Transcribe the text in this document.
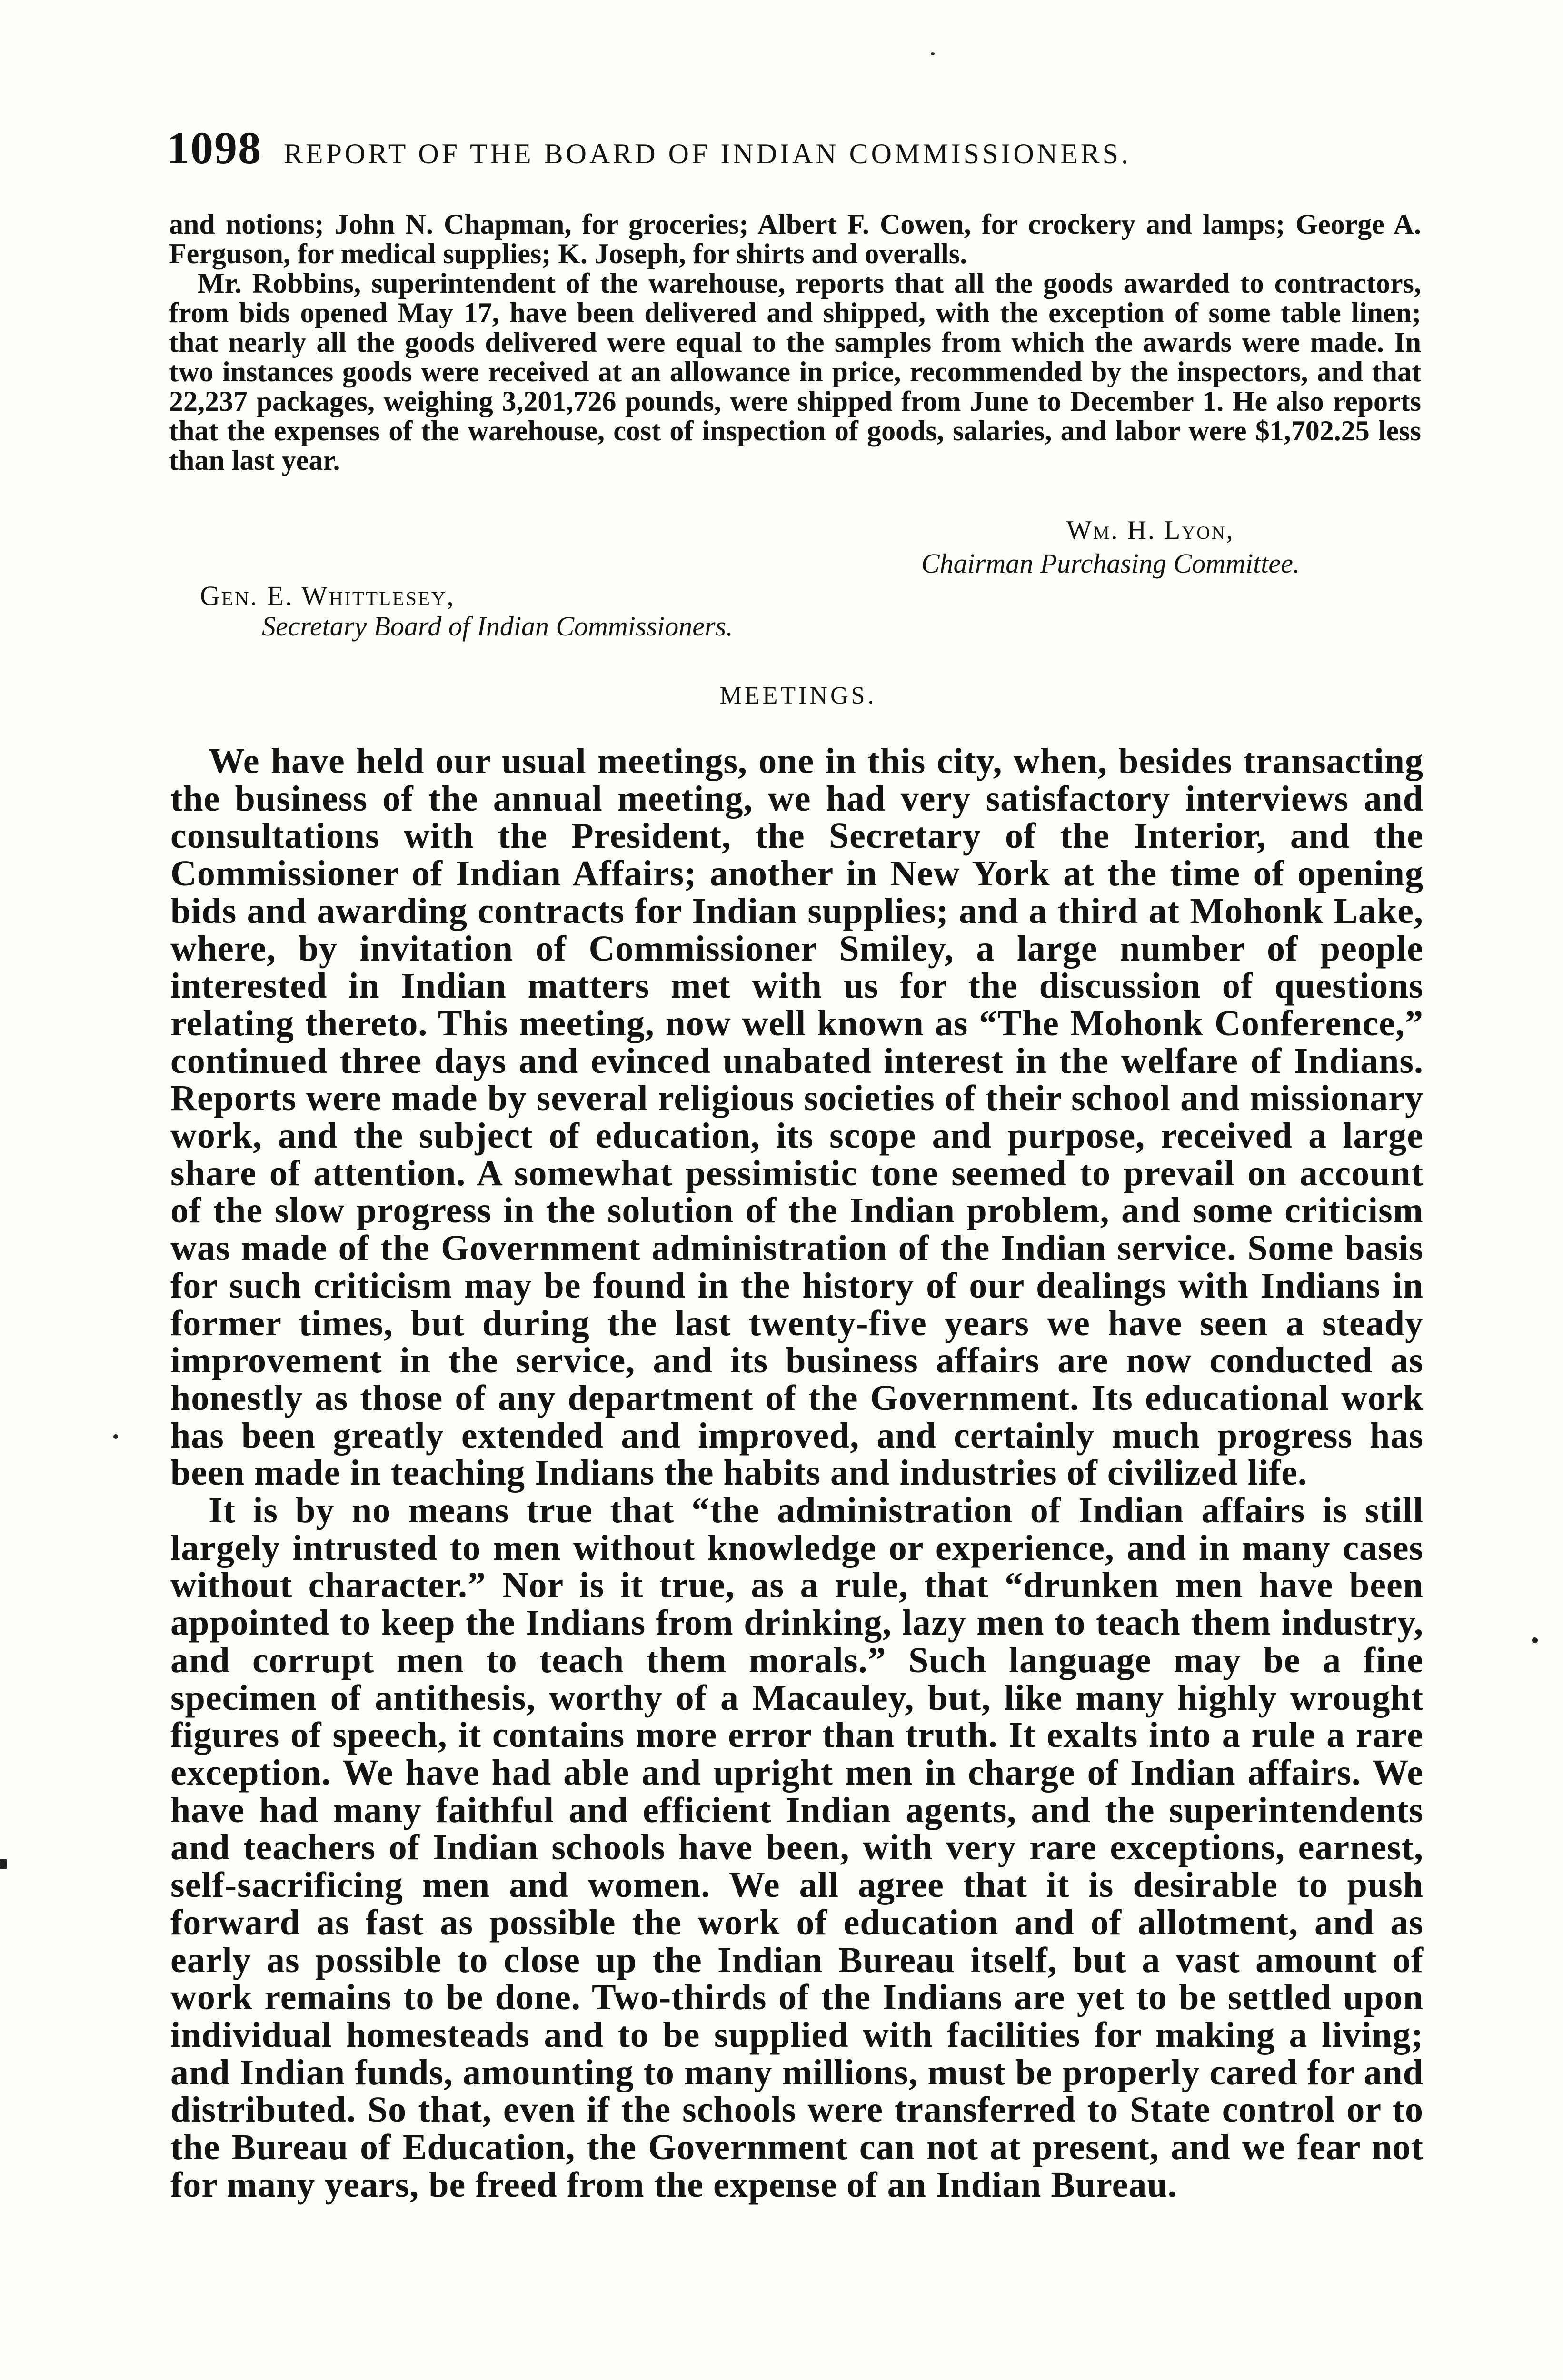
1098 REPORT OF THE BOARD OF INDIAN COMMISSIONERS.

and notions; John N. Chapman, for groceries; Albert F. Cowen, for crockery and lamps; George A. Ferguson, for medical supplies; K. Joseph, for shirts and overalls.

Mr. Robbins, superintendent of the warehouse, reports that all the goods awarded to contractors, from bids opened May 17, have been delivered and shipped, with the exception of some table linen; that nearly all the goods delivered were equal to the samples from which the awards were made. In two instances goods were received at an allowance in price, recommended by the inspectors, and that 22,237 packages, weighing 3,201,726 pounds, were shipped from June to December 1. He also reports that the expenses of the warehouse, cost of inspection of goods, salaries, and labor were $1,702.25 less than last year.

Wm. H. Lyon,
Chairman Purchasing Committee.
Gen. E. Whittlesey,
Secretary Board of Indian Commissioners.
MEETINGS.

We have held our usual meetings, one in this city, when, besides transacting the business of the annual meeting, we had very satisfactory interviews and consultations with the President, the Secretary of the Interior, and the Commissioner of Indian Affairs; another in New York at the time of opening bids and awarding contracts for Indian supplies; and a third at Mohonk Lake, where, by invitation of Commissioner Smiley, a large number of people interested in Indian matters met with us for the discussion of questions relating thereto. This meeting, now well known as “The Mohonk Conference,” continued three days and evinced unabated interest in the welfare of Indians. Reports were made by several religious societies of their school and missionary work, and the subject of education, its scope and purpose, received a large share of attention. A somewhat pessimistic tone seemed to prevail on account of the slow progress in the solution of the Indian problem, and some criticism was made of the Government administration of the Indian service. Some basis for such criticism may be found in the history of our dealings with Indians in former times, but during the last twenty-five years we have seen a steady improvement in the service, and its business affairs are now conducted as honestly as those of any department of the Government. Its educational work has been greatly extended and improved, and certainly much progress has been made in teaching Indians the habits and industries of civilized life.

It is by no means true that “the administration of Indian affairs is still largely intrusted to men without knowledge or experience, and in many cases without character.” Nor is it true, as a rule, that “drunken men have been appointed to keep the Indians from drinking, lazy men to teach them industry, and corrupt men to teach them morals.” Such language may be a fine specimen of antithesis, worthy of a Macauley, but, like many highly wrought figures of speech, it contains more error than truth. It exalts into a rule a rare exception. We have had able and upright men in charge of Indian affairs. We have had many faithful and efficient Indian agents, and the superintendents and teachers of Indian schools have been, with very rare exceptions, earnest, self-sacrificing men and women. We all agree that it is desirable to push forward as fast as possible the work of education and of allotment, and as early as possible to close up the Indian Bureau itself, but a vast amount of work remains to be done. Two-thirds of the Indians are yet to be settled upon individual homesteads and to be supplied with facilities for making a living; and Indian funds, amounting to many millions, must be properly cared for and distributed. So that, even if the schools were transferred to State control or to the Bureau of Education, the Government can not at present, and we fear not for many years, be freed from the expense of an Indian Bureau.
